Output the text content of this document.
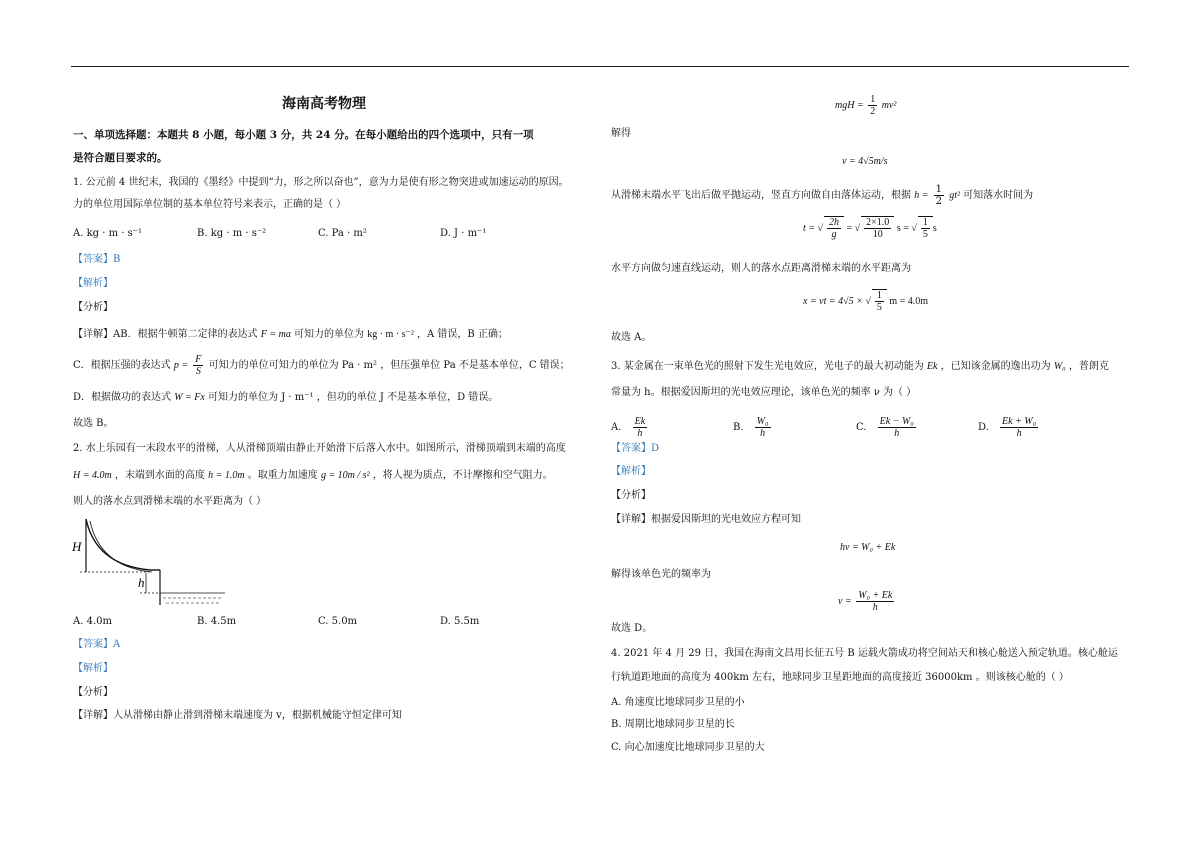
海南高考物理
一、单项选择题：本题共 8 小题，每小题 3 分，共 24 分。在每小题给出的四个选项中，只有一项
是符合题目要求的。
1. 公元前 4 世纪末，我国的《墨经》中提到“力，形之所以奋也”，意为力是使有形之物突进或加速运动的原因。
力的单位用国际单位制的基本单位符号来表示，正确的是（ ）
A. kg · m · s⁻¹	B. kg · m · s⁻²	C. Pa · m²	D. J · m⁻¹
【答案】B
【解析】
【分析】
【详解】AB．根据牛顿第二定律的表达式 F = ma 可知力的单位为 kg · m · s⁻² ，A 错误，B 正确；
C．根据压强的表达式 $p = \frac{F}{S}$ 可知力的单位可知力的单位为 Pa · m² ，但压强单位 Pa 不是基本单位，C 错误；
D．根据做功的表达式 W = Fx 可知力的单位为 J · m⁻¹ ，但功的单位 J 不是基本单位，D 错误。
故选 B。
2. 水上乐园有一末段水平的滑梯，人从滑梯顶端由静止开始滑下后落入水中。如图所示，滑梯顶端到末端的高度
H = 4.0m ，末端到水面的高度 h = 1.0m 。取重力加速度 g = 10m / s² ，将人视为质点，不计摩擦和空气阻力。
则人的落水点到滑梯末端的水平距离为（ ）
H
h
A. 4.0m	B. 4.5m	C. 5.0m	D. 5.5m
【答案】A
【解析】
【分析】
【详解】人从滑梯由静止滑到滑梯末端速度为 v，根据机械能守恒定律可知
mgH = $\frac{1}{2} mv^2$
解得
v = 4√5m/s
从滑梯末端水平飞出后做平抛运动，竖直方向做自由落体运动，根据 $h = \frac{1}{2} gt^2$ 可知落水时间为
t = √ $\frac{2h}{g}$ = √ $\frac{2\times 1.0}{10}$ s = √ $\frac{1}{5}$ s
水平方向做匀速直线运动，则人的落水点距离滑梯末端的水平距离为
x = vt = 4√5 × √ $\frac{1}{5}$ m = 4.0m
故选 A。
3. 某金属在一束单色光的照射下发生光电效应，光电子的最大初动能为 Ek ，已知该金属的逸出功为 W₀ ，普朗克
常量为 h。根据爱因斯坦的光电效应理论，该单色光的频率 ν 为（ ）
A. $\frac{Ek}{h}$	B. $\frac{\text{W₀}}{h}$	C. $\frac{\text{Ek − W₀}}{h}$	D. $\frac{\text{Ek + W₀}}{h}$
【答案】D
【解析】
【分析】
【详解】根据爱因斯坦的光电效应方程可知
hν = W₀ + Ek
解得该单色光的频率为
$\nu = \frac{\text{W₀ + Ek}}{h}$
故选 D。
4. 2021 年 4 月 29 日，我国在海南文昌用长征五号 B 运载火箭成功将空间站天和核心舱送入预定轨道。核心舱运
行轨道距地面的高度为 400km 左右，地球同步卫星距地面的高度接近 36000km 。则该核心舱的（ ）
A. 角速度比地球同步卫星的小
B. 周期比地球同步卫星的长
C. 向心加速度比地球同步卫星的大
